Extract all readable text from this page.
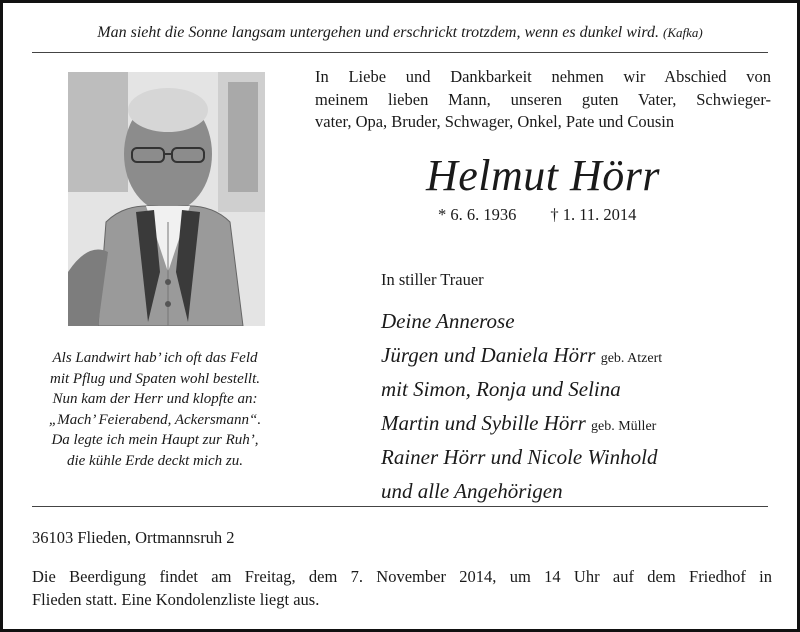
Man sieht die Sonne langsam untergehen und erschrickt trotzdem, wenn es dunkel wird. (Kafka)
Als Landwirt hab’ ich oft das Feld
mit Pflug und Spaten wohl bestellt.
Nun kam der Herr und klopfte an:
„Mach’ Feierabend, Ackersmann“.
Da legte ich mein Haupt zur Ruh’,
die kühle Erde deckt mich zu.
In Liebe und Dankbarkeit nehmen wir Abschied von
meinem lieben Mann, unseren guten Vater, Schwieger-
vater, Opa, Bruder, Schwager, Onkel, Pate und Cousin
Helmut Hörr
* 6. 6. 1936 † 1. 11. 2014
In stiller Trauer
Deine Annerose
Jürgen und Daniela Hörr geb. Atzert
mit Simon, Ronja und Selina
Martin und Sybille Hörr geb. Müller
Rainer Hörr und Nicole Winhold
und alle Angehörigen
36103 Flieden, Ortmannsruh 2
Die Beerdigung findet am Freitag, dem 7. November 2014, um 14 Uhr auf dem Friedhof in
Flieden statt. Eine Kondolenzliste liegt aus.
